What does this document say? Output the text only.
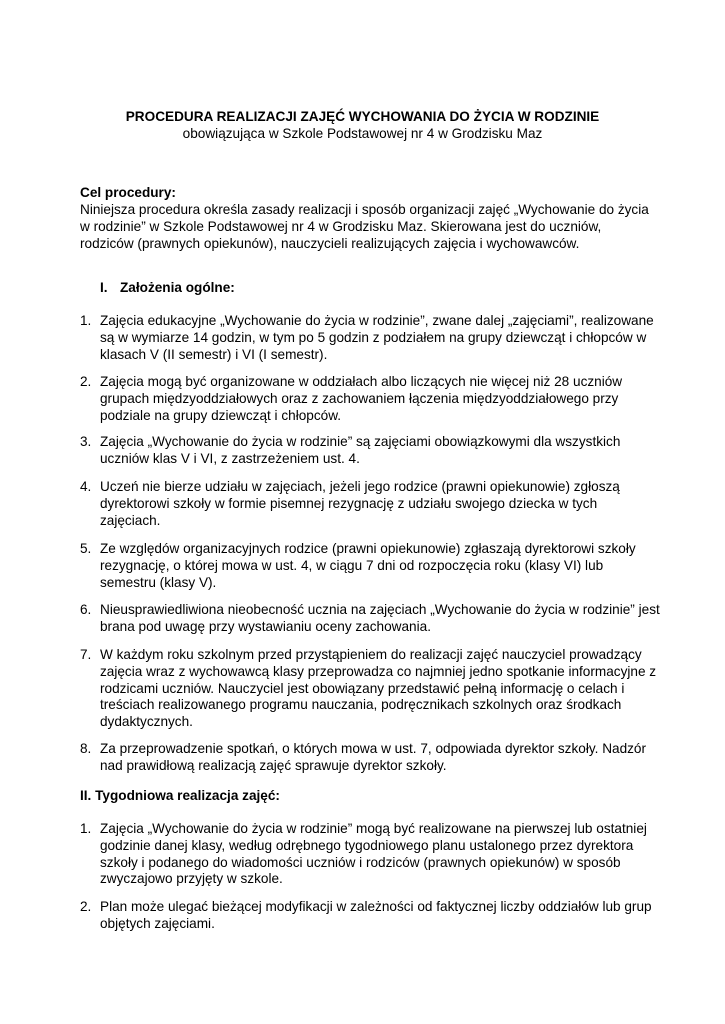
PROCEDURA REALIZACJI ZAJĘĆ WYCHOWANIA DO ŻYCIA W RODZINIE
obowiązująca w Szkole Podstawowej nr 4 w Grodzisku Maz
Cel procedury:
Niniejsza procedura określa zasady realizacji i sposób organizacji zajęć „Wychowanie do życia w rodzinie” w Szkole Podstawowej nr 4 w Grodzisku Maz. Skierowana jest do uczniów, rodziców (prawnych opiekunów), nauczycieli realizujących zajęcia i wychowawców.
I. Założenia ogólne:
1. Zajęcia edukacyjne „Wychowanie do życia w rodzinie”, zwane dalej „zajęciami”, realizowane są w wymiarze 14 godzin, w tym po 5 godzin z podziałem na grupy dziewcząt i chłopców w klasach V (II semestr) i VI (I semestr).
2. Zajęcia mogą być organizowane w oddziałach albo liczących nie więcej niż 28 uczniów grupach międzyoddziałowych oraz z zachowaniem łączenia międzyoddziałowego przy podziale na grupy dziewcząt i chłopców.
3. Zajęcia „Wychowanie do życia w rodzinie” są zajęciami obowiązkowymi dla wszystkich uczniów klas V i VI, z zastrzeżeniem ust. 4.
4. Uczeń nie bierze udziału w zajęciach, jeżeli jego rodzice (prawni opiekunowie) zgłoszą dyrektorowi szkoły w formie pisemnej rezygnację z udziału swojego dziecka w tych zajęciach.
5. Ze względów organizacyjnych rodzice (prawni opiekunowie) zgłaszają dyrektorowi szkoły rezygnację, o której mowa w ust. 4, w ciągu 7 dni od rozpoczęcia roku (klasy VI) lub semestru (klasy V).
6. Nieusprawiedliwiona nieobecność ucznia na zajęciach „Wychowanie do życia w rodzinie” jest brana pod uwagę przy wystawianiu oceny zachowania.
7. W każdym roku szkolnym przed przystąpieniem do realizacji zajęć nauczyciel prowadzący zajęcia wraz z wychowawcą klasy przeprowadza co najmniej jedno spotkanie informacyjne z rodzicami uczniów. Nauczyciel jest obowiązany przedstawić pełną informację o celach i treściach realizowanego programu nauczania, podręcznikach szkolnych oraz środkach dydaktycznych.
8. Za przeprowadzenie spotkań, o których mowa w ust. 7, odpowiada dyrektor szkoły. Nadzór nad prawidłową realizacją zajęć sprawuje dyrektor szkoły.
II. Tygodniowa realizacja zajęć:
1. Zajęcia „Wychowanie do życia w rodzinie” mogą być realizowane na pierwszej lub ostatniej godzinie danej klasy, według odrębnego tygodniowego planu ustalonego przez dyrektora szkoły i podanego do wiadomości uczniów i rodziców (prawnych opiekunów) w sposób zwyczajowo przyjęty w szkole.
2. Plan może ulegać bieżącej modyfikacji w zależności od faktycznej liczby oddziałów lub grup objętych zajęciami.
